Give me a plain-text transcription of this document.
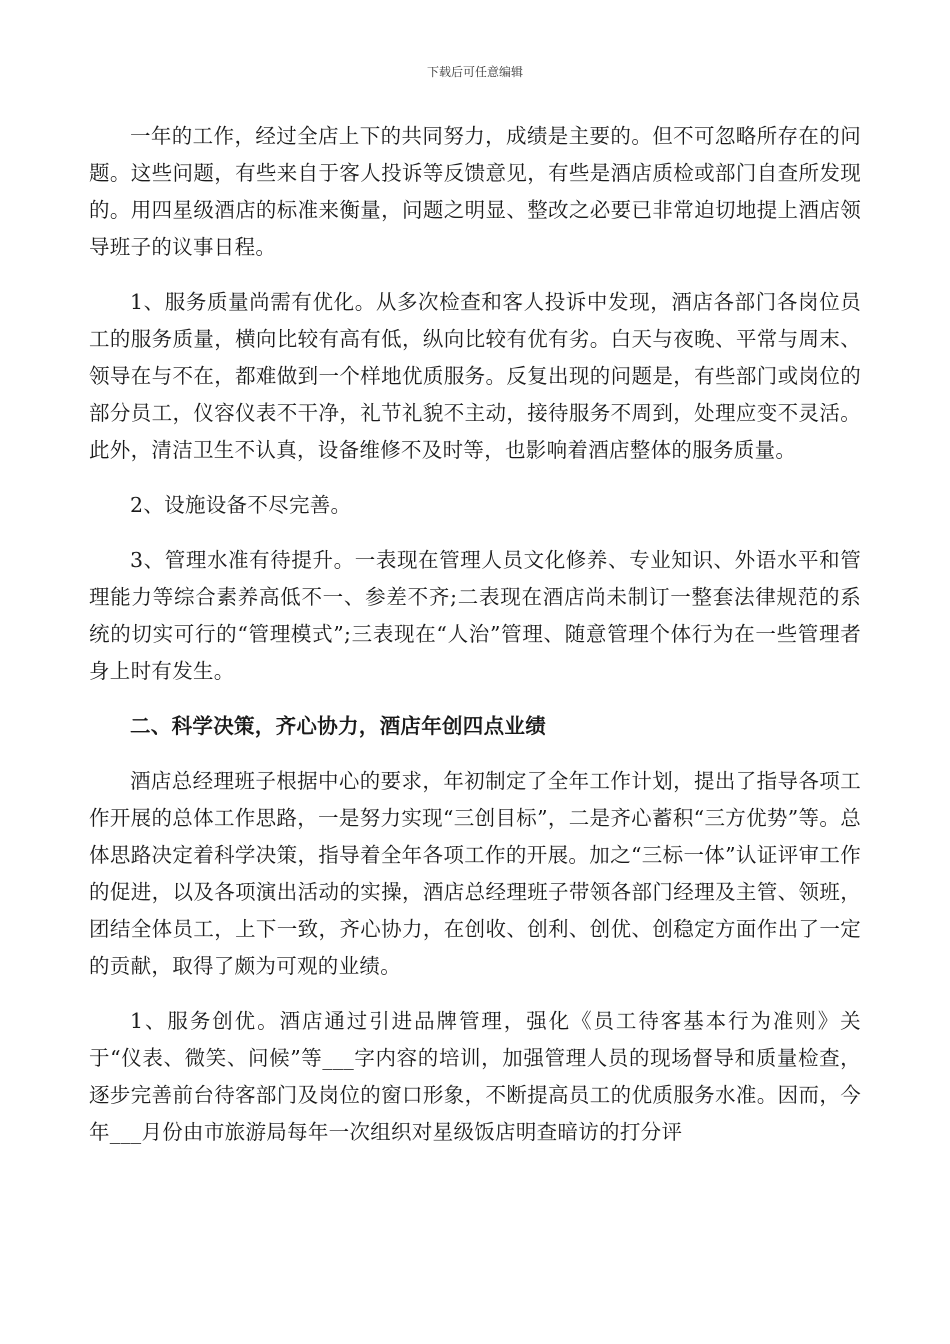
下载后可任意编辑

一年的工作，经过全店上下的共同努力，成绩是主要的。但不可忽略所存在的问题。这些问题，有些来自于客人投诉等反馈意见，有些是酒店质检或部门自查所发现的。用四星级酒店的标准来衡量，问题之明显、整改之必要已非常迫切地提上酒店领导班子的议事日程。

1、服务质量尚需有优化。从多次检查和客人投诉中发现，酒店各部门各岗位员工的服务质量，横向比较有高有低，纵向比较有优有劣。白天与夜晚、平常与周末、领导在与不在，都难做到一个样地优质服务。反复出现的问题是，有些部门或岗位的部分员工，仪容仪表不干净，礼节礼貌不主动，接待服务不周到，处理应变不灵活。此外，清洁卫生不认真，设备维修不及时等，也影响着酒店整体的服务质量。

2、设施设备不尽完善。

3、管理水准有待提升。一表现在管理人员文化修养、专业知识、外语水平和管理能力等综合素养高低不一、参差不齐;二表现在酒店尚未制订一整套法律规范的系统的切实可行的“管理模式”;三表现在“人治”管理、随意管理个体行为在一些管理者身上时有发生。

二、科学决策，齐心协力，酒店年创四点业绩

酒店总经理班子根据中心的要求，年初制定了全年工作计划，提出了指导各项工作开展的总体工作思路，一是努力实现“三创目标”，二是齐心蓄积“三方优势”等。总体思路决定着科学决策，指导着全年各项工作的开展。加之“三标一体”认证评审工作的促进，以及各项演出活动的实操，酒店总经理班子带领各部门经理及主管、领班，团结全体员工，上下一致，齐心协力，在创收、创利、创优、创稳定方面作出了一定的贡献，取得了颇为可观的业绩。

1、服务创优。酒店通过引进品牌管理，强化《员工待客基本行为准则》关于“仪表、微笑、问候”等___字内容的培训，加强管理人员的现场督导和质量检查，逐步完善前台待客部门及岗位的窗口形象，不断提高员工的优质服务水准。因而，今年___月份由市旅游局每年一次组织对星级饭店明查暗访的打分评
